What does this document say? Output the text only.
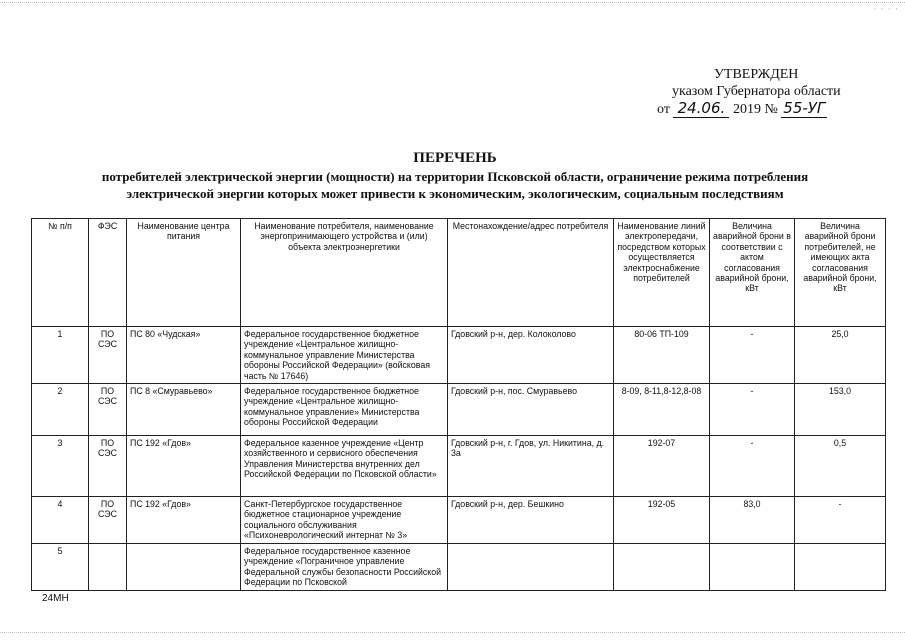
· · · ·
УТВЕРЖДЕН
указом Губернатора области
от 24.06. 2019 № 55-УГ
ПЕРЕЧЕНЬ
потребителей электрической энергии (мощности) на территории Псковской области, ограничение режима потребления электрической энергии которых может привести к экономическим, экологическим, социальным последствиям
№ п/п	ФЭС	Наименование центра питания	Наименование потребителя, наименование энергопринимающего устройства и (или) объекта электроэнергетики	Местонахождение/адрес потребителя	Наименование линий электропередачи, посредством которых осуществляется электроснабжение потребителей	Величина аварийной брони в соответствии с актом согласования аварийной брони, кВт	Величина аварийной брони потребителей, не имеющих акта согласования аварийной брони, кВт
1	ПО СЭС	ПС 80 «Чудская»	Федеральное государственное бюджетное учреждение «Центральное жилищно-коммунальное управление Министерства обороны Российской Федерации» (войсковая часть № 17646)	Гдовский р-н, дер. Колоколово	80-06 ТП-109	-	25,0
2	ПО СЭС	ПС 8 «Смуравьево»	Федеральное государственное бюджетное учреждение «Центральное жилищно-коммунальное управление» Министерства обороны Российской Федерации	Гдовский р-н, пос. Смуравьево	8-09, 8-11,8-12,8-08	-	153,0
3	ПО СЭС	ПС 192 «Гдов»	Федеральное казенное учреждение «Центр хозяйственного и сервисного обеспечения Управления Министерства внутренних дел Российской Федерации по Псковской области»	Гдовский р-н, г. Гдов, ул. Никитина, д. 3а	192-07	-	0,5
4	ПО СЭС	ПС 192 «Гдов»	Санкт-Петербургское государственное бюджетное стационарное учреждение социального обслуживания «Психоневрологический интернат № 3»	Гдовский р-н, дер. Бешкино	192-05	83,0	-
5			Федеральное государственное казенное учреждение «Пограничное управление Федеральной службы безопасности Российской Федерации по Псковской				
24МН
